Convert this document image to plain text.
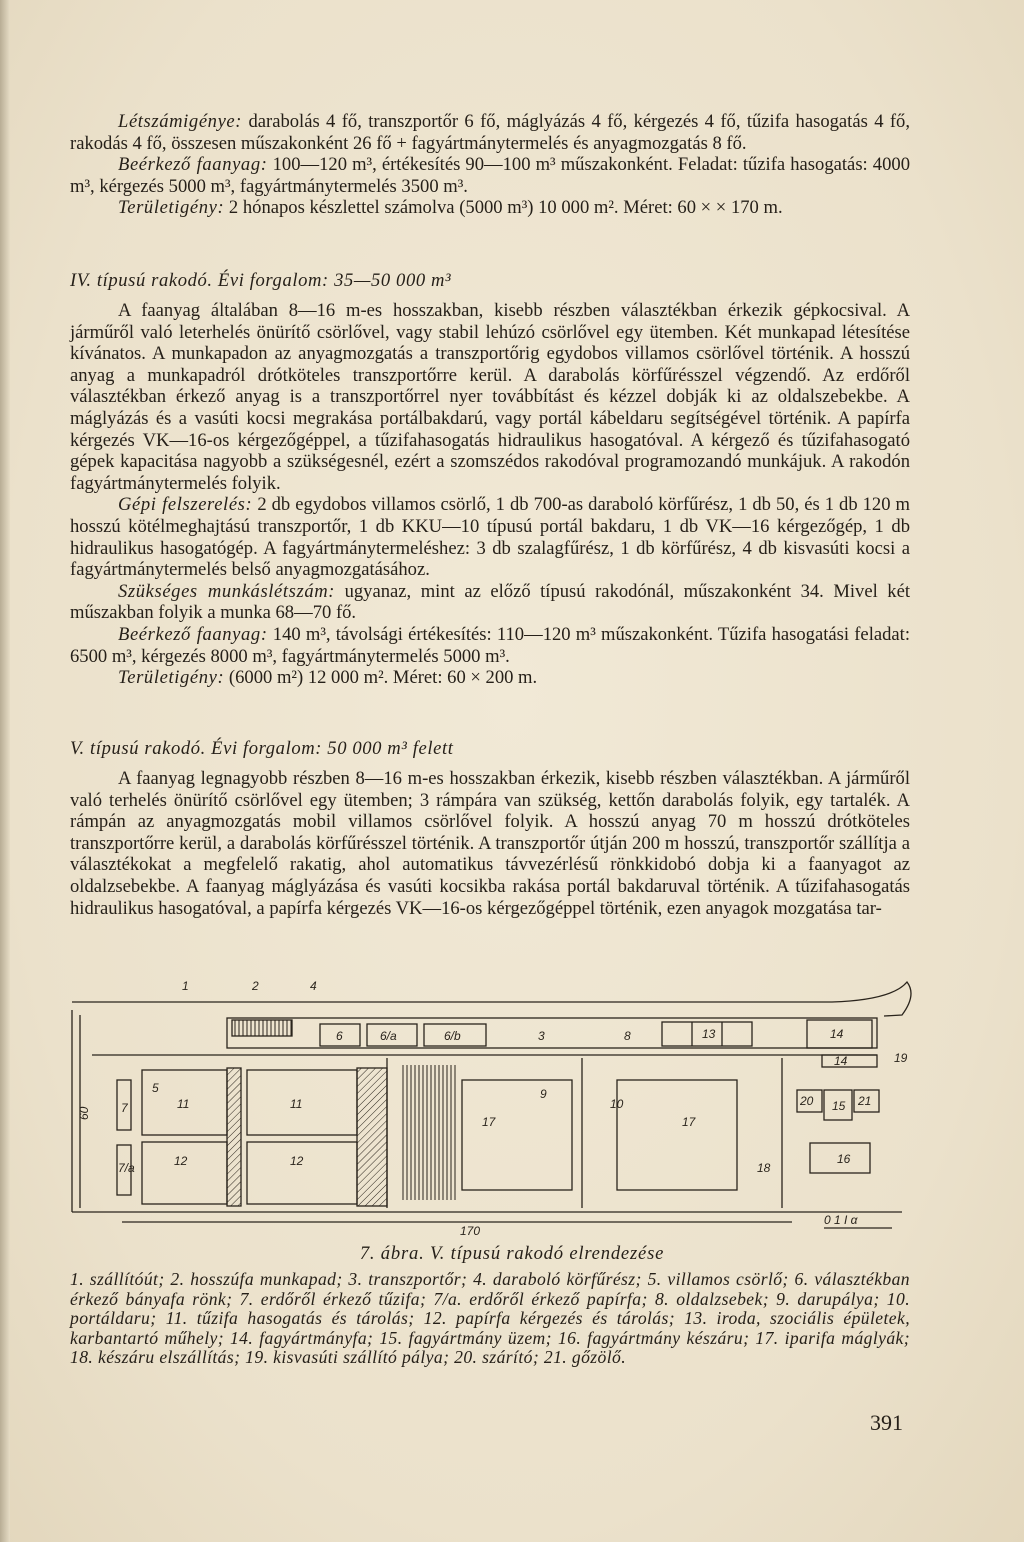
Létszámigénye: darabolás 4 fő, transzportőr 6 fő, máglyázás 4 fő, kérgezés 4 fő, tűzifa hasogatás 4 fő, rakodás 4 fő, összesen műszakonként 26 fő + fagyártmánytermelés és anyagmozgatás 8 fő.

Beérkező faanyag: 100—120 m³, értékesítés 90—100 m³ műszakonként. Feladat: tűzifa hasogatás: 4000 m³, kérgezés 5000 m³, fagyártmánytermelés 3500 m³.

Területigény: 2 hónapos készlettel számolva (5000 m³) 10 000 m². Méret: 60 × × 170 m.

IV. típusú rakodó. Évi forgalom: 35—50 000 m³

A faanyag általában 8—16 m-es hosszakban, kisebb részben választékban érkezik gépkocsival. A járműről való leterhelés önürítő csörlővel, vagy stabil lehúzó csörlővel egy ütemben. Két munkapad létesítése kívánatos. A munkapadon az anyagmozgatás a transzportőrig egydobos villamos csörlővel történik. A hosszú anyag a munkapadról drótköteles transzportőrre kerül. A darabolás körfűrésszel végzendő. Az erdőről választékban érkező anyag is a transzportőrrel nyer továbbítást és kézzel dobják ki az oldalszebekbe. A máglyázás és a vasúti kocsi megrakása portálbakdarú, vagy portál kábeldaru segítségével történik. A papírfa kérgezés VK—16-os kérgezőgéppel, a tűzifahasogatás hidraulikus hasogatóval. A kérgező és tűzifahasogató gépek kapacitása nagyobb a szükségesnél, ezért a szomszédos rakodóval programozandó munkájuk. A rakodón fagyártmánytermelés folyik.

Gépi felszerelés: 2 db egydobos villamos csörlő, 1 db 700-as daraboló körfűrész, 1 db 50, és 1 db 120 m hosszú kötélmeghajtású transzportőr, 1 db KKU—10 típusú portál bakdaru, 1 db VK—16 kérgezőgép, 1 db hidraulikus hasogatógép. A fagyártmánytermeléshez: 3 db szalagfűrész, 1 db körfűrész, 4 db kisvasúti kocsi a fagyártmánytermelés belső anyagmozgatásához.

Szükséges munkáslétszám: ugyanaz, mint az előző típusú rakodónál, műszakonként 34. Mivel két műszakban folyik a munka 68—70 fő.

Beérkező faanyag: 140 m³, távolsági értékesítés: 110—120 m³ műszakonként. Tűzifa hasogatási feladat: 6500 m³, kérgezés 8000 m³, fagyártmánytermelés 5000 m³.

Területigény: (6000 m²) 12 000 m². Méret: 60 × 200 m.

V. típusú rakodó. Évi forgalom: 50 000 m³ felett

A faanyag legnagyobb részben 8—16 m-es hosszakban érkezik, kisebb részben választékban. A járműről való terhelés önürítő csörlővel egy ütemben; 3 rámpára van szükség, kettőn darabolás folyik, egy tartalék. A rámpán az anyagmozgatás mobil villamos csörlővel folyik. A hosszú anyag 70 m hosszú drótköteles transzportőrre kerül, a darabolás körfűrésszel történik. A transzportőr útján 200 m hosszú, transzportőr szállítja a választékokat a megfelelő rakatig, ahol automatikus távvezérlésű rönkkidobó dobja ki a faanyagot az oldalzsebekbe. A faanyag máglyázása és vasúti kocsikba rakása portál bakdaruval történik. A tűzifahasogatás hidraulikus hasogatóval, a papírfa kérgezés VK—16-os kérgezőgéppel történik, ezen anyagok mozgatása tar-

1	2	4
6	6/a	6/b	3	8	13	14
14	19
7
5
11	11
9
10
17	17
20 15 21
7/a	12	12	18
16
60
170
0 1 I α
7. ábra. V. típusú rakodó elrendezése
1. szállítóút; 2. hosszúfa munkapad; 3. transzportőr; 4. daraboló körfűrész; 5. villamos csörlő; 6. választékban érkező bányafa rönk; 7. erdőről érkező tűzifa; 7/a. erdőről érkező papírfa; 8. oldalzsebek; 9. darupálya; 10. portáldaru; 11. tűzifa hasogatás és tárolás; 12. papírfa kérgezés és tárolás; 13. iroda, szociális épületek, karbantartó műhely; 14. fagyártmányfa; 15. fagyártmány üzem; 16. fagyártmány készáru; 17. iparifa máglyák; 18. készáru elszállítás; 19. kisvasúti szállító pálya; 20. szárító; 21. gőzölő.
391
